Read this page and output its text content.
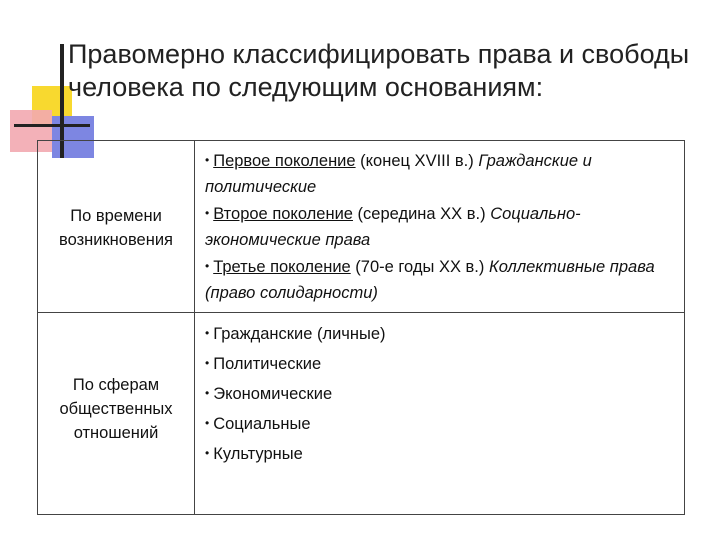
Правомерно классифицировать права и свободы человека по следующим основаниям:
По времени возникновения
• Первое поколение (конец XVIII в.) Гражданские и политические
• Второе поколение (середина XX в.) Социально-экономические права
• Третье поколение (70-е годы XX в.) Коллективные права (право солидарности)
По сферам общественных отношений
• Гражданские (личные)
• Политические
• Экономические
• Социальные
• Культурные
